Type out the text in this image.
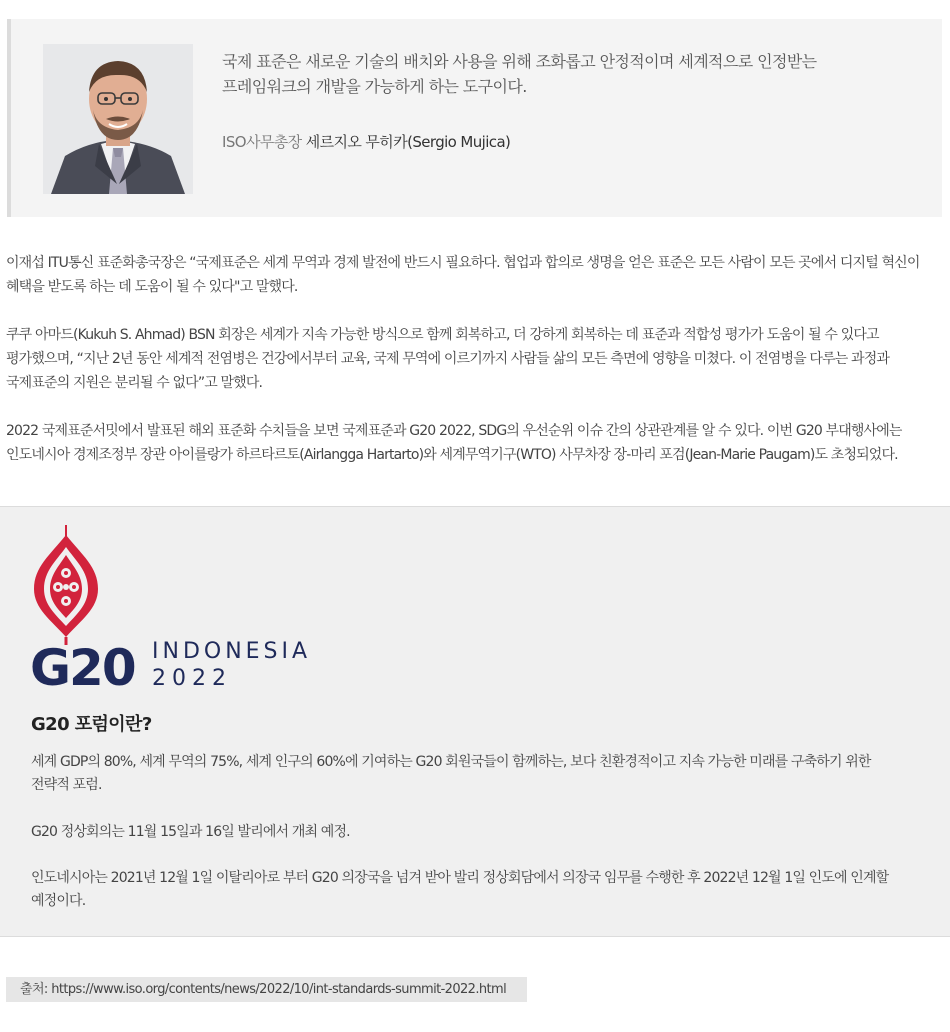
국제 표준은 새로운 기술의 배치와 사용을 위해 조화롭고 안정적이며 세계적으로 인정받는
프레임워크의 개발을 가능하게 하는 도구이다.
ISO사무총장 세르지오 무히카(Sergio Mujica)
이재섭 ITU통신 표준화총국장은 “국제표준은 세계 무역과 경제 발전에 반드시 필요하다. 협업과 합의로 생명을 얻은 표준은 모든 사람이 모든 곳에서 디지털 혁신이
혜택을 받도록 하는 데 도움이 될 수 있다"고 말했다.
쿠쿠 아마드(Kukuh S. Ahmad) BSN 회장은 세계가 지속 가능한 방식으로 함께 회복하고, 더 강하게 회복하는 데 표준과 적합성 평가가 도움이 될 수 있다고
평가했으며, “지난 2년 동안 세계적 전염병은 건강에서부터 교육, 국제 무역에 이르기까지 사람들 삶의 모든 측면에 영향을 미쳤다. 이 전염병을 다루는 과정과
국제표준의 지원은 분리될 수 없다”고 말했다.
2022 국제표준서밋에서 발표된 해외 표준화 수치들을 보면 국제표준과 G20 2022, SDG의 우선순위 이슈 간의 상관관계를 알 수 있다. 이번 G20 부대행사에는
인도네시아 경제조정부 장관 아이를랑가 하르타르토(Airlangga Hartarto)와 세계무역기구(WTO) 사무차장 장-마리 포검(Jean-Marie Paugam)도 초청되었다.
G20 INDONESIA
2022
G20 포럼이란?
세계 GDP의 80%, 세계 무역의 75%, 세계 인구의 60%에 기여하는 G20 회원국들이 함께하는, 보다 친환경적이고 지속 가능한 미래를 구축하기 위한
전략적 포럼.
G20 정상회의는 11월 15일과 16일 발리에서 개최 예정.
인도네시아는 2021년 12월 1일 이탈리아로 부터 G20 의장국을 넘겨 받아 발리 정상회담에서 의장국 임무를 수행한 후 2022년 12월 1일 인도에 인계할
예정이다.
출처: https://www.iso.org/contents/news/2022/10/int-standards-summit-2022.html
